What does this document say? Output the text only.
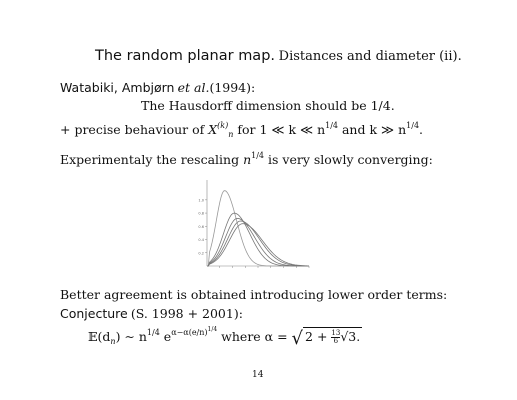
The random planar map. Distances and diameter (ii).
Watabiki, Ambjørn et al.(1994):
The Hausdorff dimension should be 1/4.
+ precise behaviour of $X^{(k)}_n$ for 1 ≪ k ≪ $n^{1/4}$ and k ≫ $n^{1/4}$.
Experimentaly the rescaling $n^{1/4}$ is very slowly converging:
0.2
0.4
0.6
0.8
1.0
Better agreement is obtained introducing lower order terms:
Conjecture (S. 1998 + 2001):
$𝔼(d_n)$ ∼ $n^{1/4}$ $e^{\alpha-\alpha(e/n)^{1/4}}$ where α = √ $2 + \frac{13}{6} √3$.
14
